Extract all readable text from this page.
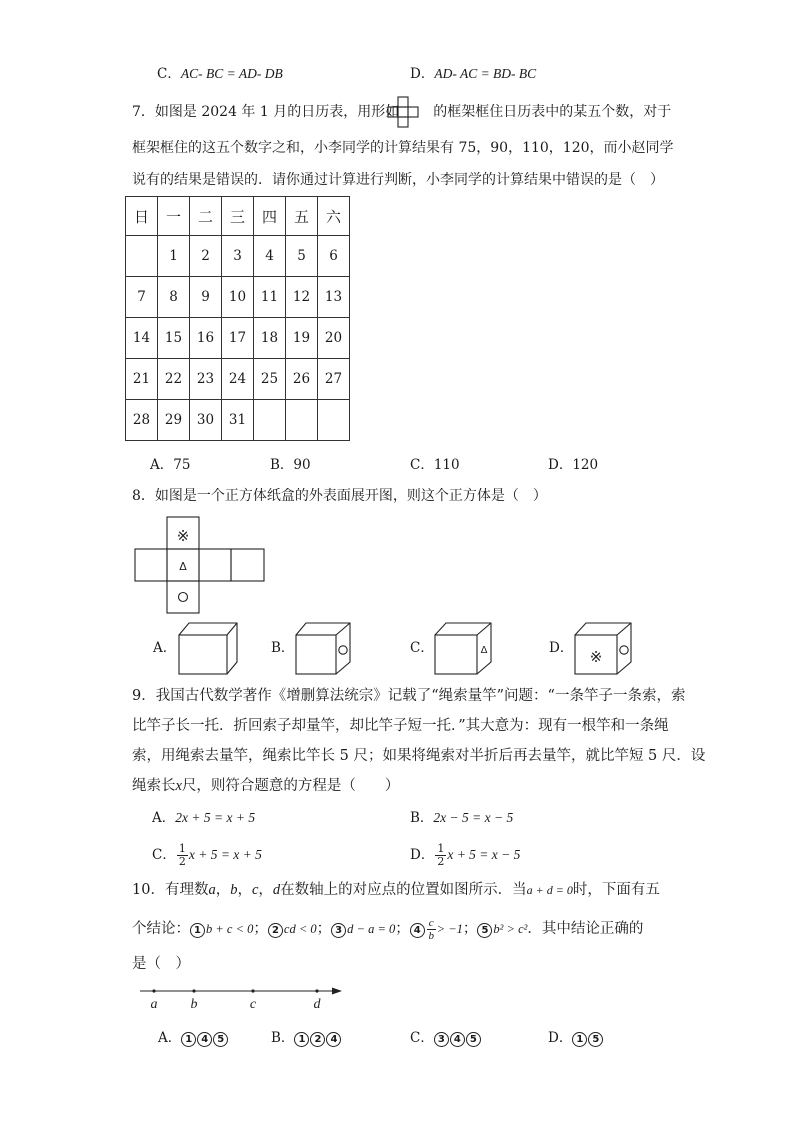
C．AC- BC = AD- DB	D．AD- AC = BD- BC
7．如图是 2024 年 1 月的日历表，用形如 的框架框住日历表中的某五个数，对于
框架框住的这五个数字之和，小李同学的计算结果有 75，90，110，120，而小赵同学
说有的结果是错误的．请你通过计算进行判断，小李同学的计算结果中错误的是（　）
日	一	二	三	四	五	六
	1	2	3	4	5	6
7	8	9	10	11	12	13
14	15	16	17	18	19	20
21	22	23	24	25	26	27
28	29	30	31			
A．75	B．90	C．110	D．120
8．如图是一个正方体纸盒的外表面展开图，则这个正方体是（　）
※
Δ
Δ	※
A．	B．	C．	D．
9．我国古代数学著作《增删算法统宗》记载了“绳索量竿”问题：“一条竿子一条索，索
比竿子长一托．折回索子却量竿，却比竿子短一托．”其大意为：现有一根竿和一条绳
索，用绳索去量竿，绳索比竿长 5 尺；如果将绳索对半折后再去量竿，就比竿短 5 尺．设
绳索长x尺，则符合题意的方程是（　　）
A．2x + 5 = x + 5	B．2x − 5 = x − 5
C． $\frac{1}{2}$ x + 5 = x + 5	D． $\frac{1}{2}$ x + 5 = x − 5
10．有理数a，b，c，d在数轴上的对应点的位置如图所示．当a + d = 0时，下面有五
个结论： 1 b + c < 0； 2 cd < 0； 3 d − a = 0； $4 \frac{c}{b} > -1$； 5 b² > c²．其中结论正确的
是（　）
a b	c	d
A． 1 4 5	B． 1 2 4	C． 3 4 5	D． 1 5
